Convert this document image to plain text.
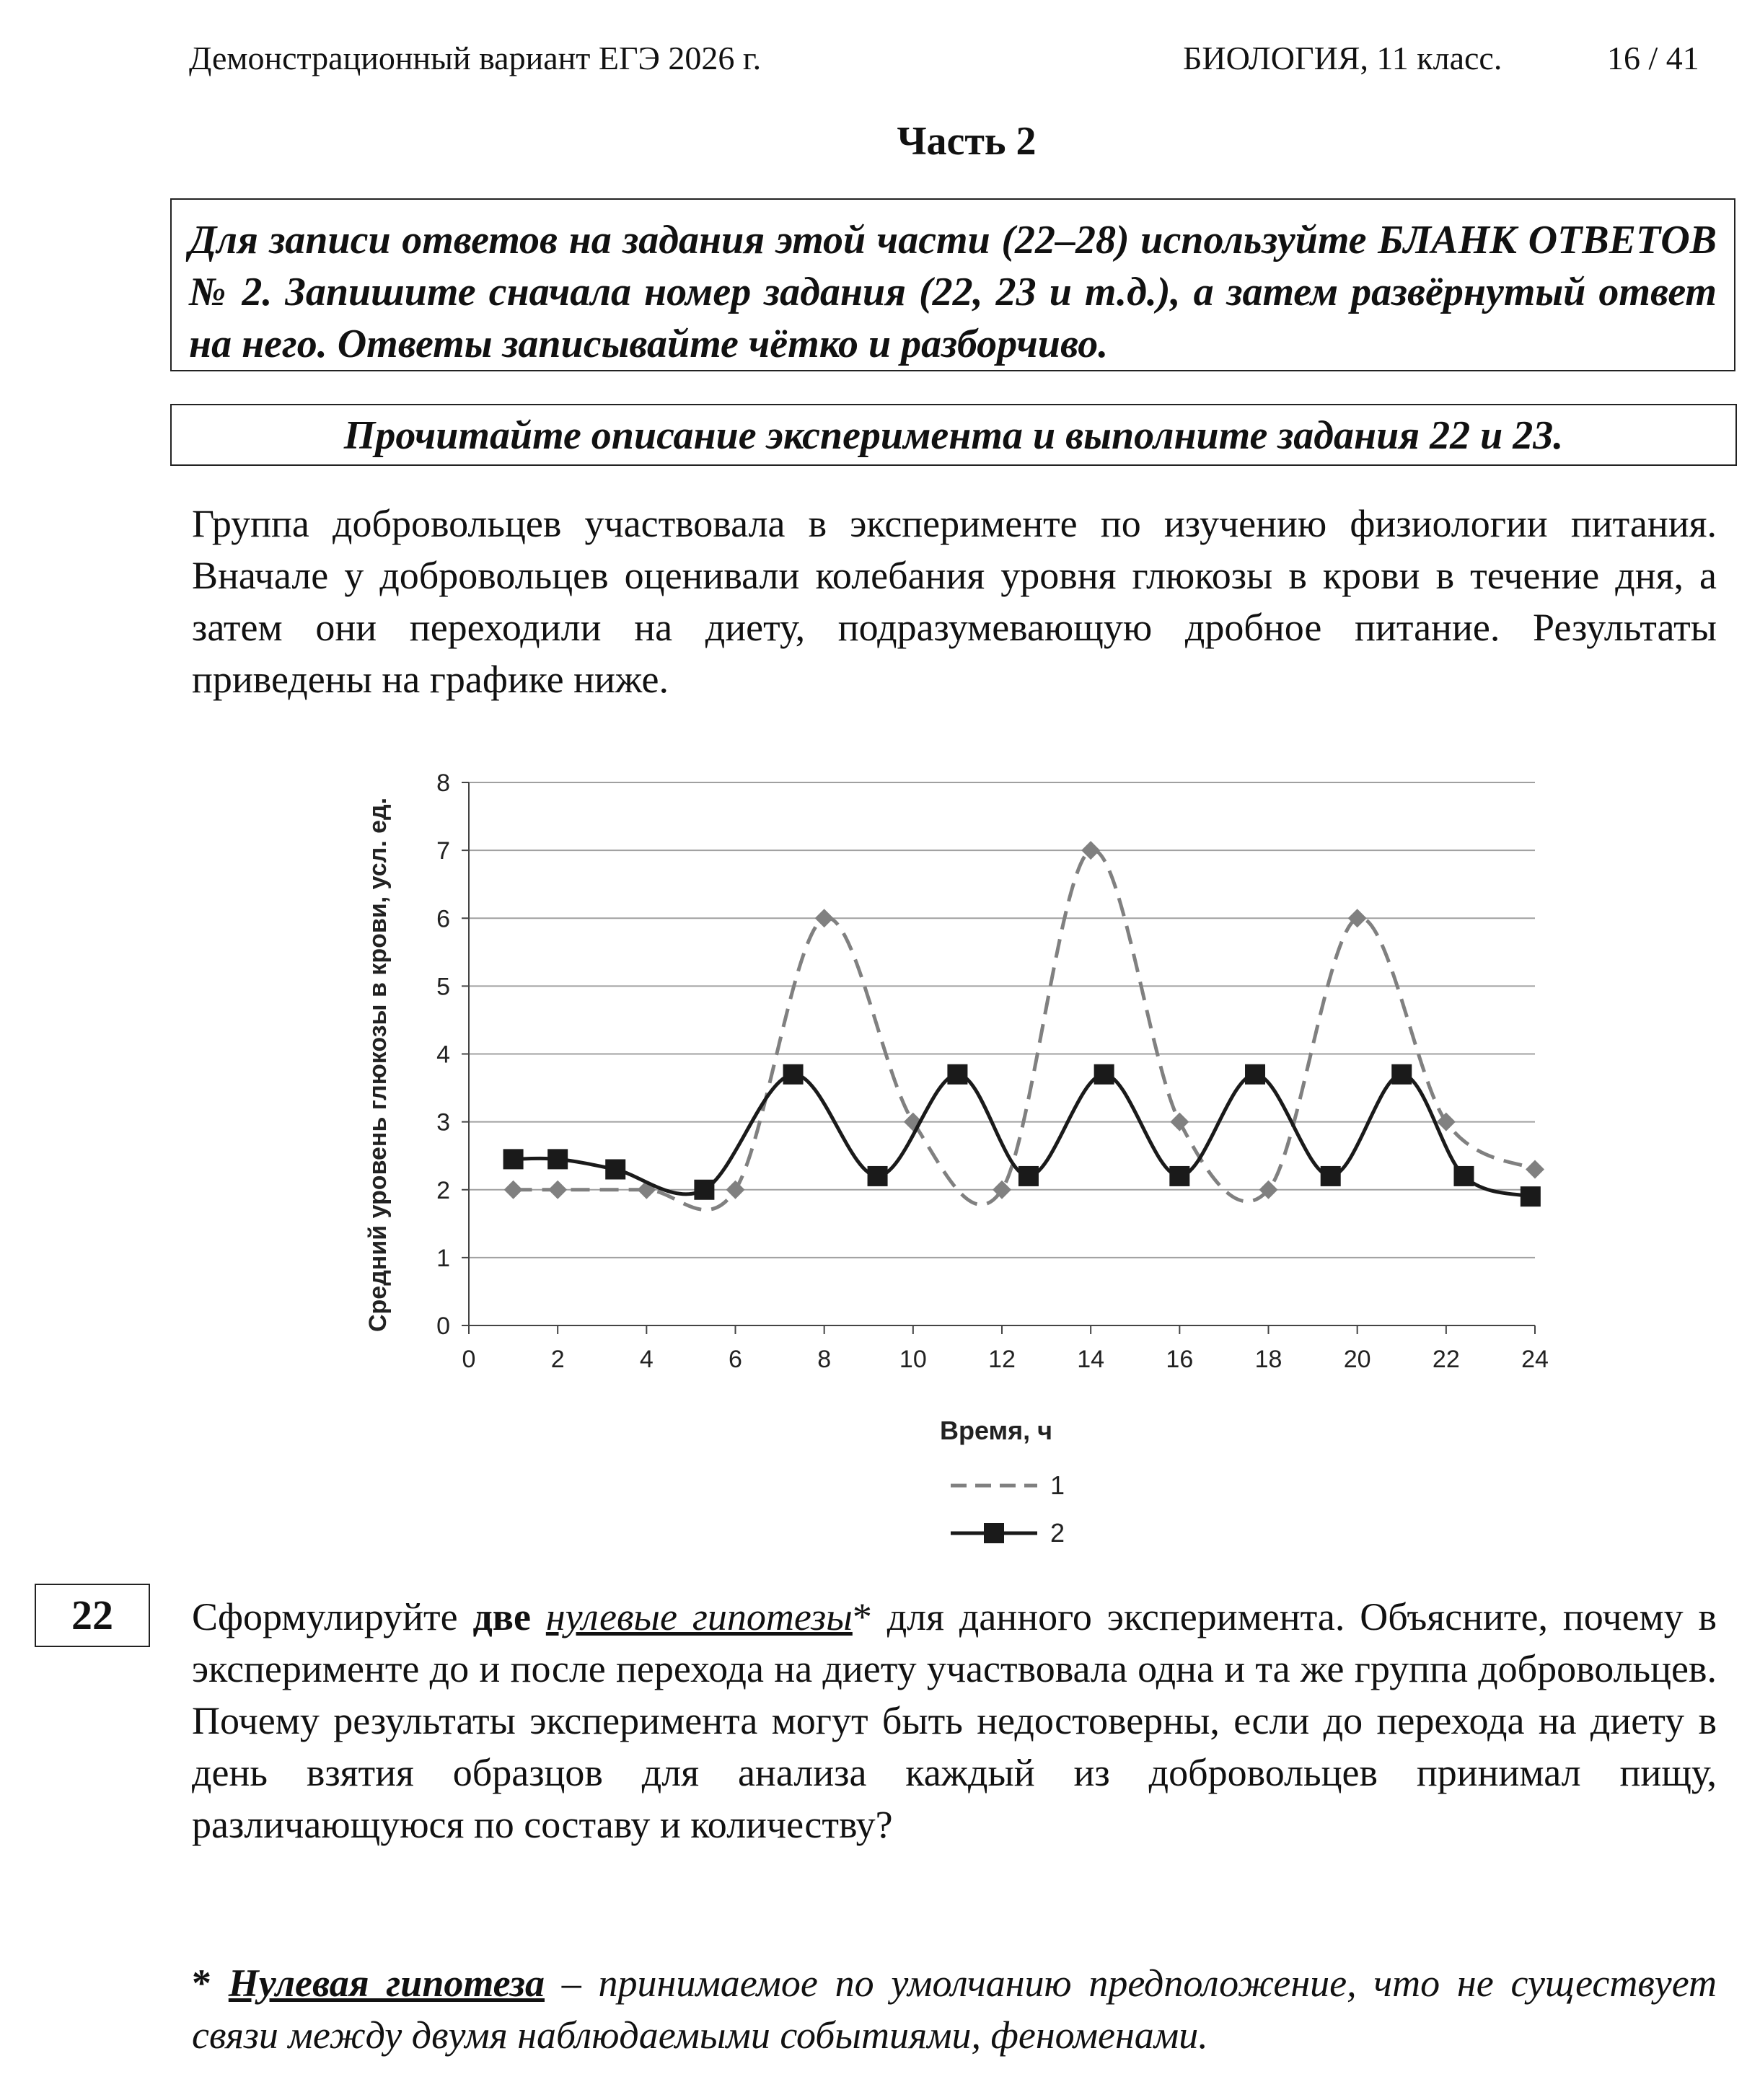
Демонстрационный вариант ЕГЭ 2026 г.	БИОЛОГИЯ, 11 класс.	16 / 41
Часть 2
Для записи ответов на задания этой части (22–28) используйте БЛАНК ОТВЕТОВ № 2. Запишите сначала номер задания (22, 23 и т.д.), а затем развёрнутый ответ на него. Ответы записывайте чётко и разборчиво.
Прочитайте описание эксперимента и выполните задания 22 и 23.
Группа добровольцев участвовала в эксперименте по изучению физиологии питания. Вначале у добровольцев оценивали колебания уровня глюкозы в крови в течение дня, а затем они переходили на диету, подразумевающую дробное питание. Результаты приведены на графике ниже.
0
1
2
3
4
5
6
7
8
0	2	4	6	8	10	12	14	16	18	20	22	24
Средний уровень глюкозы в крови, усл. ед.
Время, ч
1
2
22	Сформулируйте две нулевые гипотезы* для данного эксперимента. Объясните, почему в эксперименте до и после перехода на диету участвовала одна и та же группа добровольцев. Почему результаты эксперимента могут быть недостоверны, если до перехода на диету в день взятия образцов для анализа каждый из добровольцев принимал пищу, различающуюся по составу и количеству?
* Нулевая гипотеза – принимаемое по умолчанию предположение, что не существует связи между двумя наблюдаемыми событиями, феноменами.
